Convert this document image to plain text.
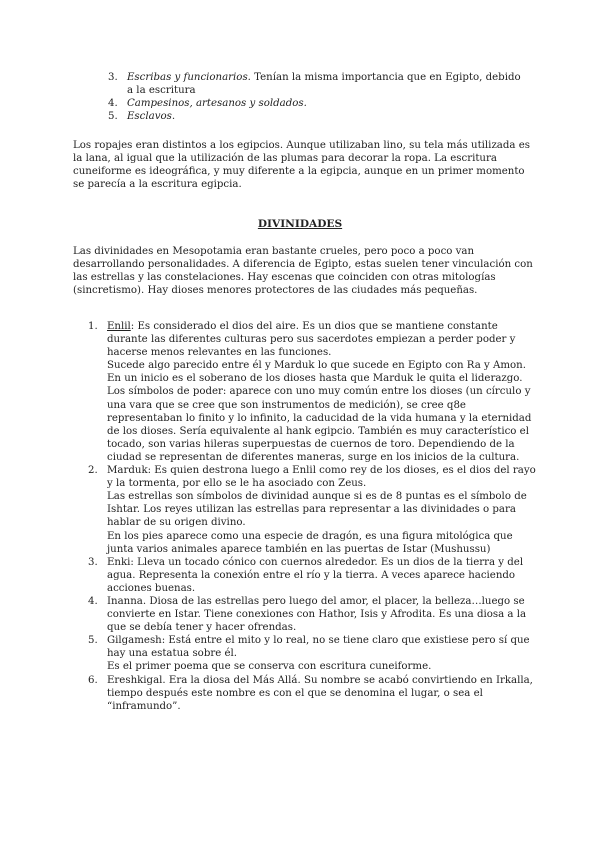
3. Escribas y funcionarios. Tenían la misma importancia que en Egipto, debido a la escritura
4. Campesinos, artesanos y soldados.
5. Esclavos.

Los ropajes eran distintos a los egipcios. Aunque utilizaban lino, su tela más utilizada es la lana, al igual que la utilización de las plumas para decorar la ropa. La escritura cuneiforme es ideográfica, y muy diferente a la egipcia, aunque en un primer momento se parecía a la escritura egipcia.

DIVINIDADES

Las divinidades en Mesopotamia eran bastante crueles, pero poco a poco van desarrollando personalidades. A diferencia de Egipto, estas suelen tener vinculación con las estrellas y las constelaciones. Hay escenas que coinciden con otras mitologías (sincretismo). Hay dioses menores protectores de las ciudades más pequeñas.

1. Enlil: Es considerado el dios del aire. Es un dios que se mantiene constante durante las diferentes culturas pero sus sacerdotes empiezan a perder poder y hacerse menos relevantes en las funciones.
Sucede algo parecido entre él y Marduk lo que sucede en Egipto con Ra y Amon.
En un inicio es el soberano de los dioses hasta que Marduk le quita el liderazgo.
Los símbolos de poder: aparece con uno muy común entre los dioses (un círculo y una vara que se cree que son instrumentos de medición), se cree q8e representaban lo finito y lo infinito, la caducidad de la vida humana y la eternidad de los dioses. Sería equivalente al hank egipcio. También es muy característico el tocado, son varias hileras superpuestas de cuernos de toro. Dependiendo de la ciudad se representan de diferentes maneras, surge en los inicios de la cultura.
2. Marduk: Es quien destrona luego a Enlil como rey de los dioses, es el dios del rayo y la tormenta, por ello se le ha asociado con Zeus.
Las estrellas son símbolos de divinidad aunque si es de 8 puntas es el símbolo de Ishtar. Los reyes utilizan las estrellas para representar a las divinidades o para hablar de su origen divino.
En los pies aparece como una especie de dragón, es una figura mitológica que junta varios animales aparece también en las puertas de Istar (Mushussu)
3. Enki: Lleva un tocado cónico con cuernos alrededor. Es un dios de la tierra y del agua. Representa la conexión entre el río y la tierra. A veces aparece haciendo acciones buenas.
4. Inanna. Diosa de las estrellas pero luego del amor, el placer, la belleza…luego se convierte en Istar. Tiene conexiones con Hathor, Isis y Afrodita. Es una diosa a la que se debía tener y hacer ofrendas.
5. Gilgamesh: Está entre el mito y lo real, no se tiene claro que existiese pero sí que hay una estatua sobre él.
Es el primer poema que se conserva con escritura cuneiforme.
6. Ereshkigal. Era la diosa del Más Allá. Su nombre se acabó convirtiendo en Irkalla, tiempo después este nombre es con el que se denomina el lugar, o sea el “inframundo”.
